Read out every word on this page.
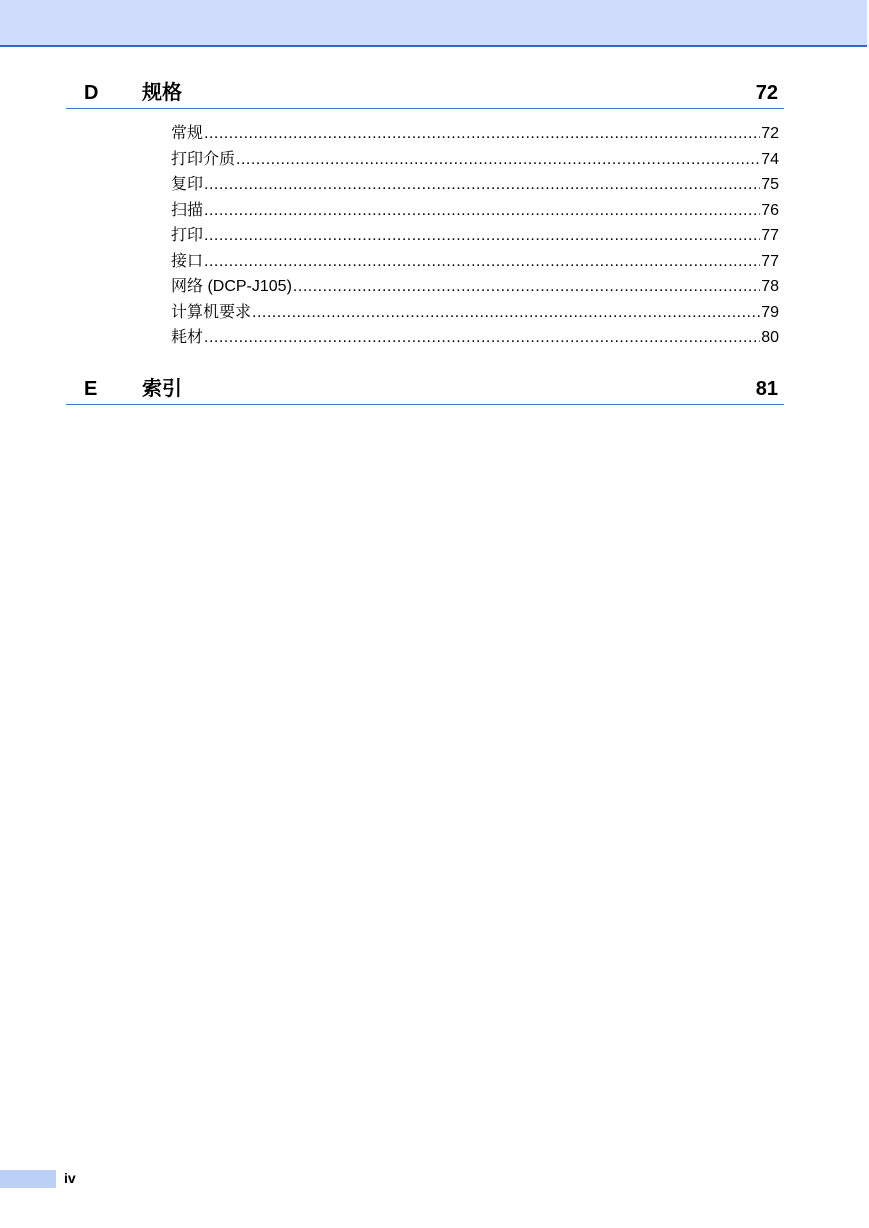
D 规格	72
常规 .....	72
打印介质 .....	74
复印 .....	75
扫描 .....	76
打印 .....	77
接口 .....	77
网络 (DCP-J105) .....	78
计算机要求 .....	79
耗材 .....	80
E 索引	81
iv
